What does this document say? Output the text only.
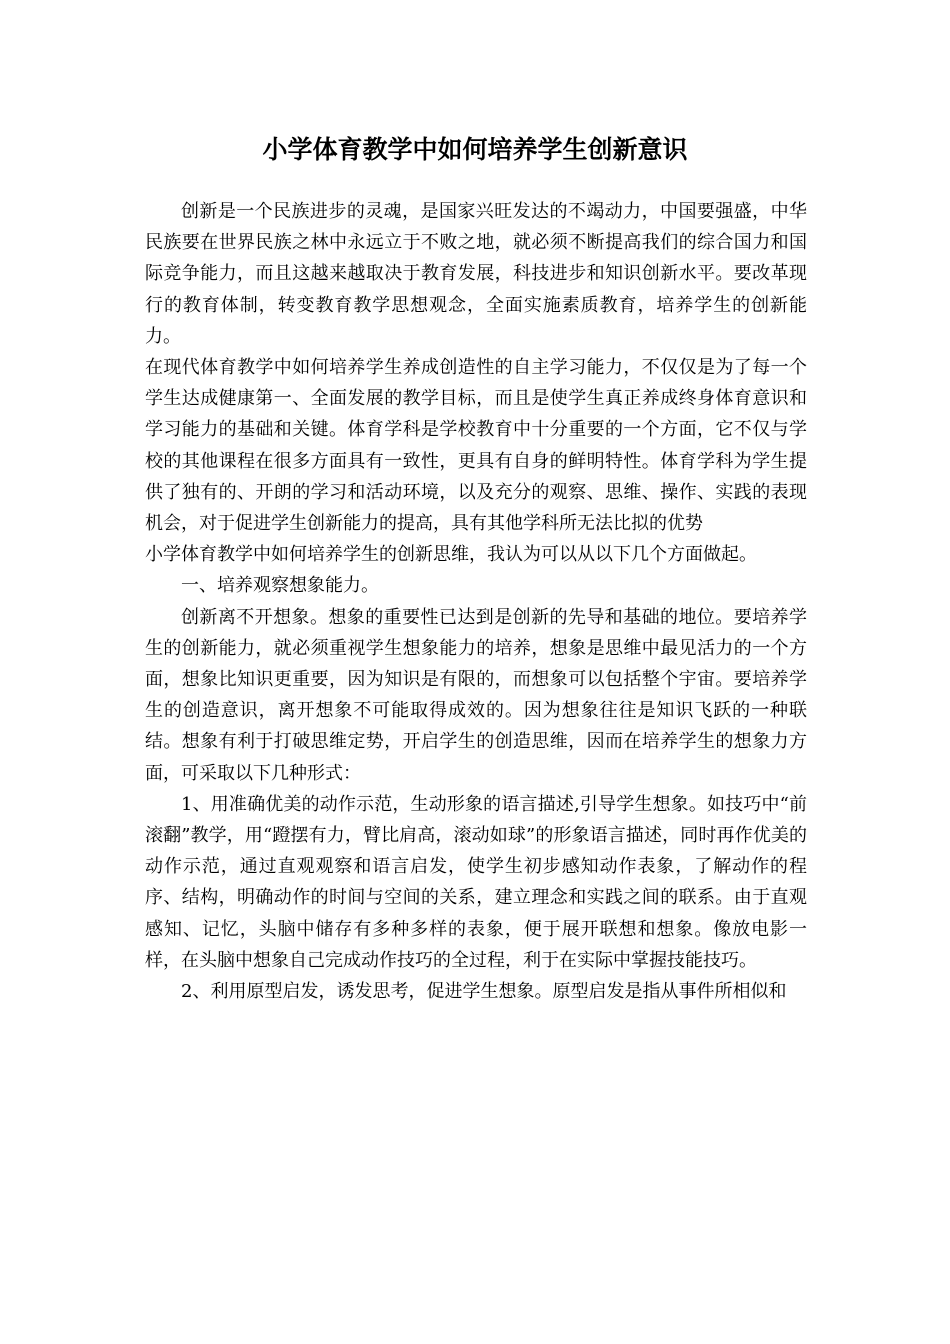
小学体育教学中如何培养学生创新意识

创新是一个民族进步的灵魂，是国家兴旺发达的不竭动力，中国要强盛，中华民族要在世界民族之林中永远立于不败之地，就必须不断提高我们的综合国力和国际竞争能力，而且这越来越取决于教育发展，科技进步和知识创新水平。要改革现行的教育体制，转变教育教学思想观念，全面实施素质教育，培养学生的创新能力。

在现代体育教学中如何培养学生养成创造性的自主学习能力，不仅仅是为了每一个学生达成健康第一、全面发展的教学目标，而且是使学生真正养成终身体育意识和学习能力的基础和关键。体育学科是学校教育中十分重要的一个方面，它不仅与学校的其他课程在很多方面具有一致性，更具有自身的鲜明特性。体育学科为学生提供了独有的、开朗的学习和活动环境，以及充分的观察、思维、操作、实践的表现机会，对于促进学生创新能力的提高，具有其他学科所无法比拟的优势

小学体育教学中如何培养学生的创新思维，我认为可以从以下几个方面做起。

一、培养观察想象能力。

创新离不开想象。想象的重要性已达到是创新的先导和基础的地位。要培养学生的创新能力，就必须重视学生想象能力的培养，想象是思维中最见活力的一个方面，想象比知识更重要，因为知识是有限的，而想象可以包括整个宇宙。要培养学生的创造意识，离开想象不可能取得成效的。因为想象往往是知识飞跃的一种联结。想象有利于打破思维定势，开启学生的创造思维，因而在培养学生的想象力方面，可采取以下几种形式：

1、用准确优美的动作示范，生动形象的语言描述,引导学生想象。如技巧中“前滚翻”教学，用“蹬摆有力，臂比肩高，滚动如球”的形象语言描述，同时再作优美的动作示范，通过直观观察和语言启发，使学生初步感知动作表象，了解动作的程序、结构，明确动作的时间与空间的关系，建立理念和实践之间的联系。由于直观感知、记忆，头脑中储存有多种多样的表象，便于展开联想和想象。像放电影一样，在头脑中想象自己完成动作技巧的全过程，利于在实际中掌握技能技巧。

2、利用原型启发，诱发思考，促进学生想象。原型启发是指从事件所相似和
